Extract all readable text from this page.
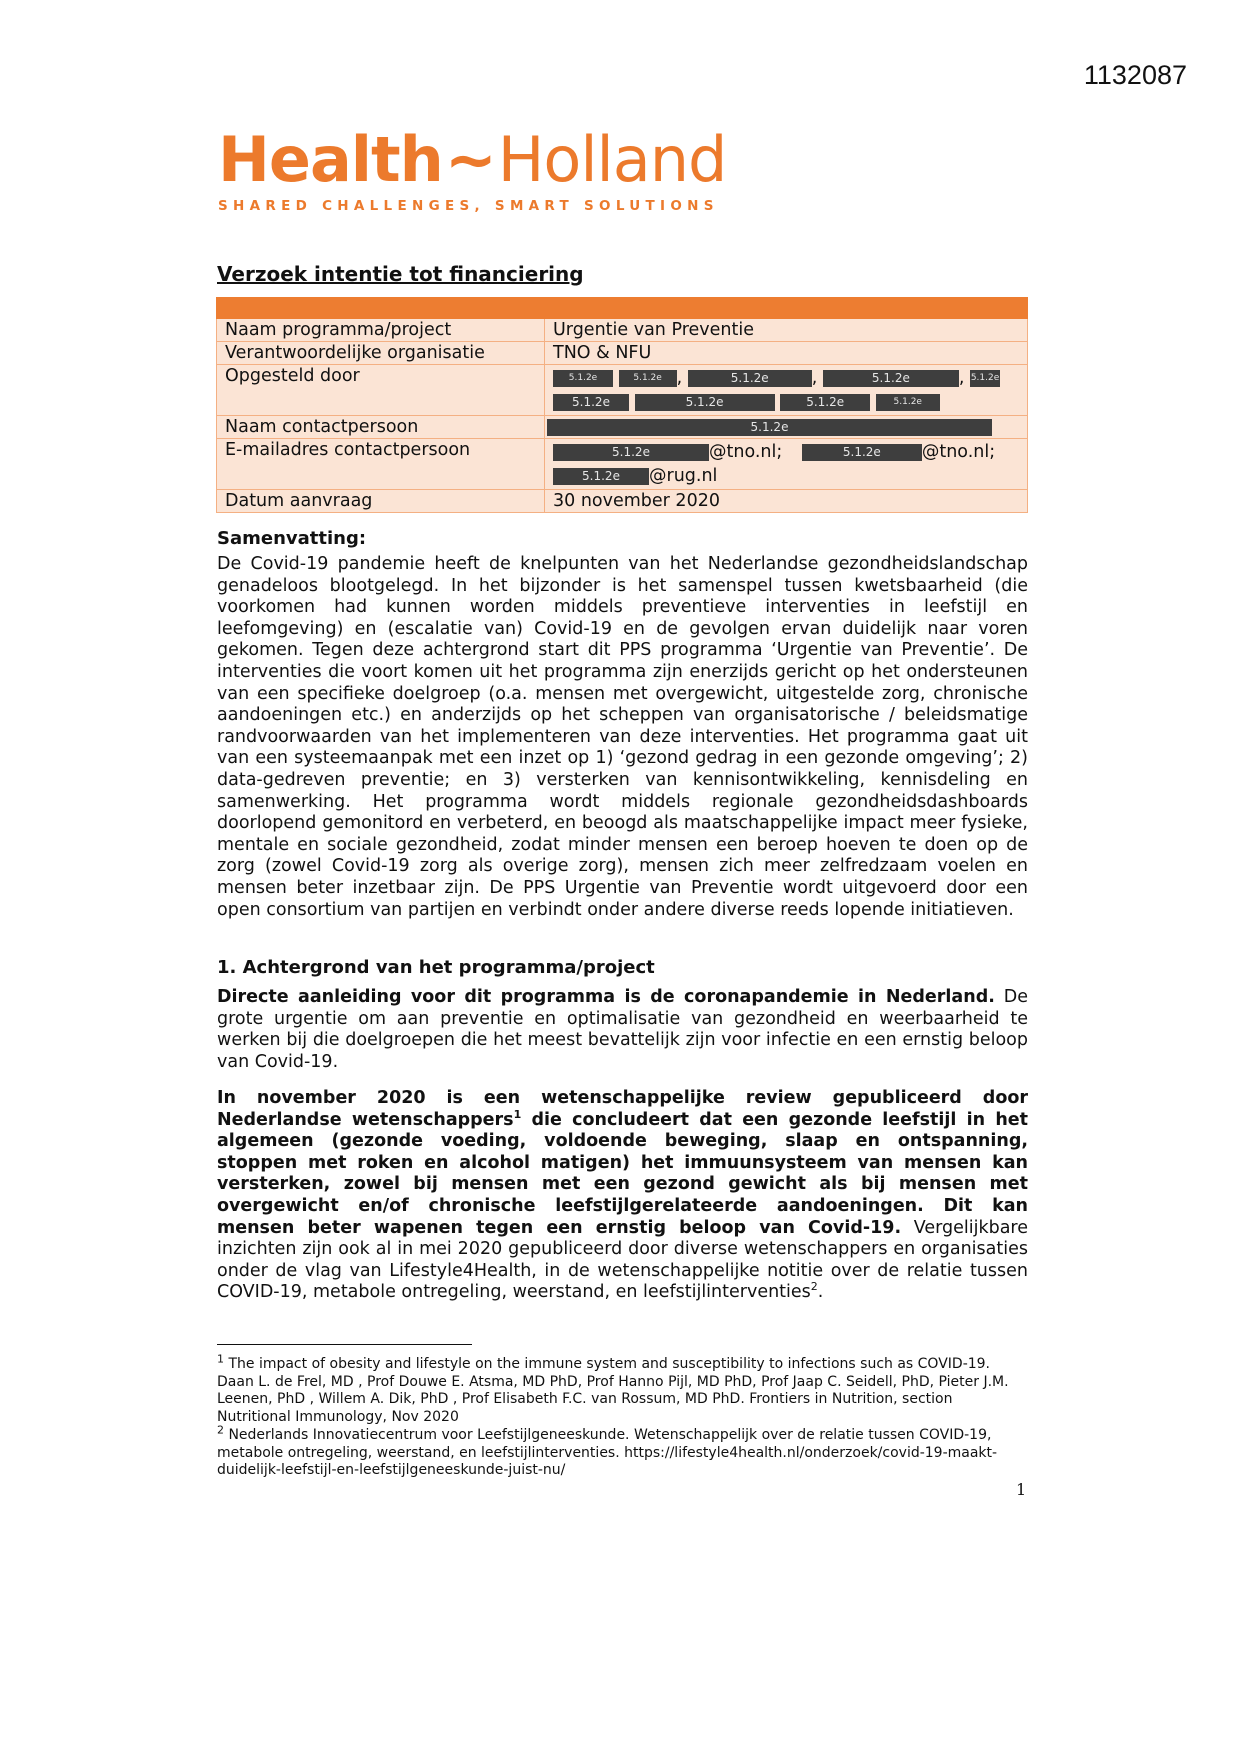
1132087
Health~Holland
SHARED CHALLENGES, SMART SOLUTIONS
Verzoek intentie tot financiering

Naam programma/project	Urgentie van Preventie
Verantwoordelijke organisatie	TNO & NFU
Opgesteld door	5.1.2e 5.1.2e , 5.1.2e , 5.1.2e , 5.1.2e
5.1.2e 5.1.2e 5.1.2e 5.1.2e

Naam contactpersoon	5.1.2e
E-mailadres contactpersoon	5.1.2e @tno.nl; 5.1.2e @tno.nl;
5.1.2e @rug.nl

Datum aanvraag	30 november 2020
Samenvatting:
De Covid-19 pandemie heeft de knelpunten van het Nederlandse gezondheidslandschap genadeloos blootgelegd. In het bijzonder is het samenspel tussen kwetsbaarheid (die voorkomen had kunnen worden middels preventieve interventies in leefstijl en leefomgeving) en (escalatie van) Covid-19 en de gevolgen ervan duidelijk naar voren gekomen. Tegen deze achtergrond start dit PPS programma ‘Urgentie van Preventie’. De interventies die voort komen uit het programma zijn enerzijds gericht op het ondersteunen van een specifieke doelgroep (o.a. mensen met overgewicht, uitgestelde zorg, chronische aandoeningen etc.) en anderzijds op het scheppen van organisatorische / beleidsmatige randvoorwaarden van het implementeren van deze interventies. Het programma gaat uit van een systeemaanpak met een inzet op 1) ‘gezond gedrag in een gezonde omgeving’; 2) data-gedreven preventie; en 3) versterken van kennisontwikkeling, kennisdeling en samenwerking. Het programma wordt middels regionale gezondheidsdashboards doorlopend gemonitord en verbeterd, en beoogd als maatschappelijke impact meer fysieke, mentale en sociale gezondheid, zodat minder mensen een beroep hoeven te doen op de zorg (zowel Covid-19 zorg als overige zorg), mensen zich meer zelfredzaam voelen en mensen beter inzetbaar zijn. De PPS Urgentie van Preventie wordt uitgevoerd door een open consortium van partijen en verbindt onder andere diverse reeds lopende initiatieven.
1. Achtergrond van het programma/project
Directe aanleiding voor dit programma is de coronapandemie in Nederland. De grote urgentie om aan preventie en optimalisatie van gezondheid en weerbaarheid te werken bij die doelgroepen die het meest bevattelijk zijn voor infectie en een ernstig beloop van Covid-19.
In november 2020 is een wetenschappelijke review gepubliceerd door Nederlandse wetenschappers$^1$ die concludeert dat een gezonde leefstijl in het algemeen (gezonde voeding, voldoende beweging, slaap en ontspanning, stoppen met roken en alcohol matigen) het immuunsysteem van mensen kan versterken, zowel bij mensen met een gezond gewicht als bij mensen met overgewicht en/of chronische leefstijlgerelateerde aandoeningen. Dit kan mensen beter wapenen tegen een ernstig beloop van Covid-19. Vergelijkbare inzichten zijn ook al in mei 2020 gepubliceerd door diverse wetenschappers en organisaties onder de vlag van Lifestyle4Health, in de wetenschappelijke notitie over de relatie tussen COVID-19, metabole ontregeling, weerstand, en leefstijlinterventies$^2$.
$^1$ The impact of obesity and lifestyle on the immune system and susceptibility to infections such as COVID-19. Daan L. de Frel, MD , Prof Douwe E. Atsma, MD PhD, Prof Hanno Pijl, MD PhD, Prof Jaap C. Seidell, PhD, Pieter J.M. Leenen, PhD , Willem A. Dik, PhD , Prof Elisabeth F.C. van Rossum, MD PhD. Frontiers in Nutrition, section Nutritional Immunology, Nov 2020
$^2$ Nederlands Innovatiecentrum voor Leefstijlgeneeskunde. Wetenschappelijk over de relatie tussen COVID-19, metabole ontregeling, weerstand, en leefstijlinterventies. https://lifestyle4health.nl/onderzoek/covid-19-maakt-duidelijk-leefstijl-en-leefstijlgeneeskunde-juist-nu/
1
